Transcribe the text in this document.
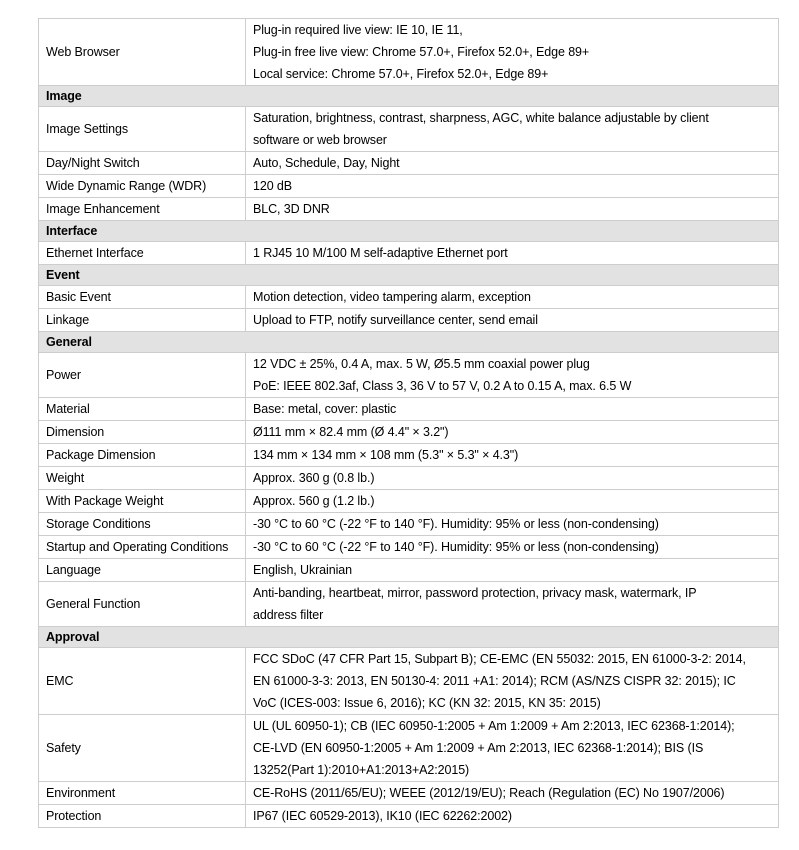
Web Browser	Plug-in required live view: IE 10, IE 11,
Plug-in free live view: Chrome 57.0+, Firefox 52.0+, Edge 89+
Local service: Chrome 57.0+, Firefox 52.0+, Edge 89+

Image	
Image Settings	Saturation, brightness, contrast, sharpness, AGC, white balance adjustable by client
software or web browser

Day/Night Switch	Auto, Schedule, Day, Night

Wide Dynamic Range (WDR)	120 dB

Image Enhancement	BLC, 3D DNR

Interface	
Ethernet Interface	1 RJ45 10 M/100 M self-adaptive Ethernet port

Event	
Basic Event	Motion detection, video tampering alarm, exception

Linkage	Upload to FTP, notify surveillance center, send email

General	
Power	12 VDC ± 25%, 0.4 A, max. 5 W, Ø5.5 mm coaxial power plug
PoE: IEEE 802.3af, Class 3, 36 V to 57 V, 0.2 A to 0.15 A, max. 6.5 W

Material	Base: metal, cover: plastic

Dimension	Ø111 mm × 82.4 mm (Ø 4.4" × 3.2")

Package Dimension	134 mm × 134 mm × 108 mm (5.3" × 5.3" × 4.3")

Weight	Approx. 360 g (0.8 lb.)

With Package Weight	Approx. 560 g (1.2 lb.)

Storage Conditions	-30 °C to 60 °C (-22 °F to 140 °F). Humidity: 95% or less (non-condensing)

Startup and Operating Conditions	-30 °C to 60 °C (-22 °F to 140 °F). Humidity: 95% or less (non-condensing)

Language	English, Ukrainian

General Function	Anti-banding, heartbeat, mirror, password protection, privacy mask, watermark, IP
address filter

Approval	
EMC	FCC SDoC (47 CFR Part 15, Subpart B); CE-EMC (EN 55032: 2015, EN 61000-3-2: 2014,
EN 61000-3-3: 2013, EN 50130-4: 2011 +A1: 2014); RCM (AS/NZS CISPR 32: 2015); IC
VoC (ICES-003: Issue 6, 2016); KC (KN 32: 2015, KN 35: 2015)

Safety	UL (UL 60950-1); CB (IEC 60950-1:2005 + Am 1:2009 + Am 2:2013, IEC 62368-1:2014);
CE-LVD (EN 60950-1:2005 + Am 1:2009 + Am 2:2013, IEC 62368-1:2014); BIS (IS
13252(Part 1):2010+A1:2013+A2:2015)

Environment	CE-RoHS (2011/65/EU); WEEE (2012/19/EU); Reach (Regulation (EC) No 1907/2006)

Protection	IP67 (IEC 60529-2013), IK10 (IEC 62262:2002)
